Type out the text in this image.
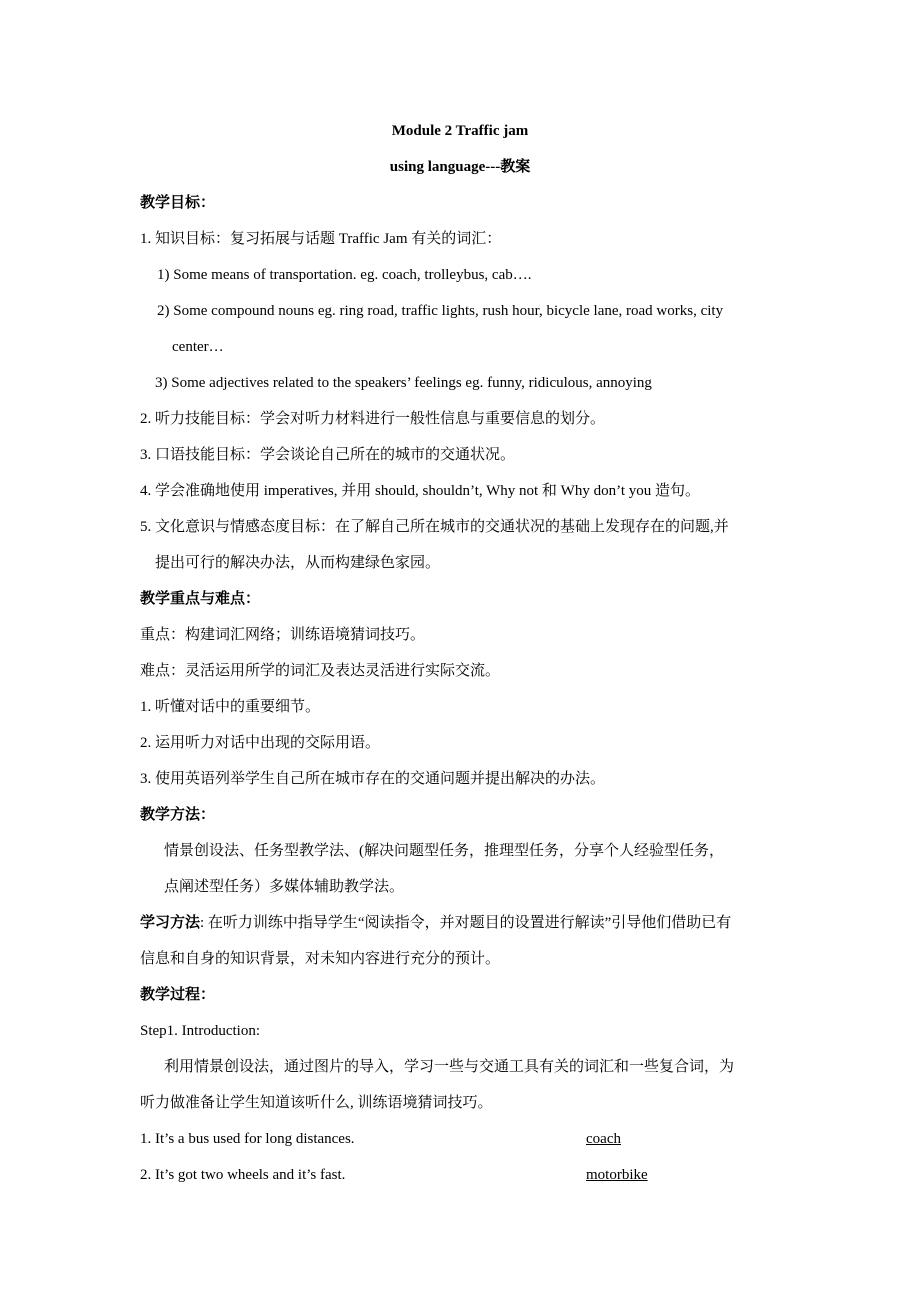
Module 2 Traffic jam
using language---教案
教学目标：
1. 知识目标：复习拓展与话题 Traffic Jam 有关的词汇：
1) Some means of transportation. eg. coach, trolleybus, cab….
2) Some compound nouns eg. ring road, traffic lights, rush hour, bicycle lane, road works, city
center…
3) Some adjectives related to the speakers’ feelings eg. funny, ridiculous, annoying
2. 听力技能目标：学会对听力材料进行一般性信息与重要信息的划分。
3. 口语技能目标：学会谈论自己所在的城市的交通状况。
4. 学会准确地使用 imperatives, 并用 should, shouldn’t, Why not 和 Why don’t you 造句。
5. 文化意识与情感态度目标：在了解自己所在城市的交通状况的基础上发现存在的问题,并
提出可行的解决办法，从而构建绿色家园。
教学重点与难点：
重点：构建词汇网络；训练语境猜词技巧。
难点：灵活运用所学的词汇及表达灵活进行实际交流。
1. 听懂对话中的重要细节。
2. 运用听力对话中出现的交际用语。
3. 使用英语列举学生自己所在城市存在的交通问题并提出解决的办法。
教学方法：
情景创设法、任务型教学法、(解决问题型任务，推理型任务，分享个人经验型任务，
点阐述型任务）多媒体辅助教学法。
学习方法: 在听力训练中指导学生“阅读指令，并对题目的设置进行解读”引导他们借助已有
信息和自身的知识背景，对未知内容进行充分的预计。
教学过程：
Step1. Introduction:
利用情景创设法，通过图片的导入，学习一些与交通工具有关的词汇和一些复合词，为
听力做准备让学生知道该听什么, 训练语境猜词技巧。
1. It’s a bus used for long distances.	coach
2. It’s got two wheels and it’s fast.	motorbike
